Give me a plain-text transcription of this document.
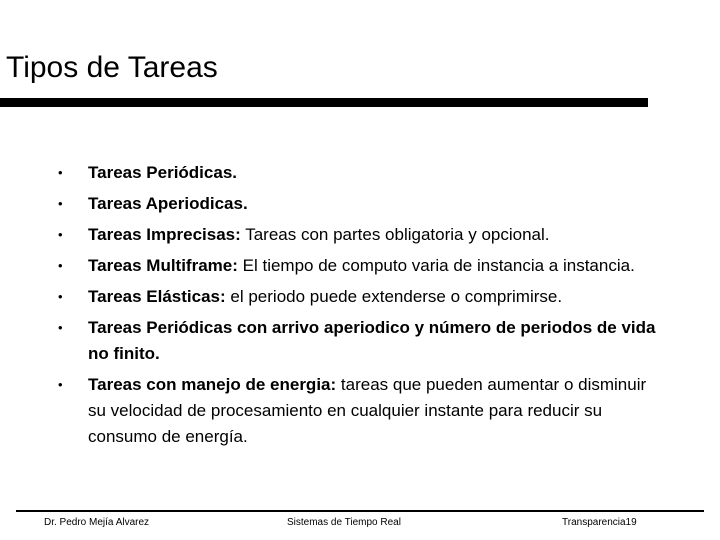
Tipos de Tareas
• Tareas Periódicas.
• Tareas Aperiodicas.
• Tareas Imprecisas: Tareas con partes obligatoria y opcional.
• Tareas Multiframe: El tiempo de computo varia de instancia a instancia.
• Tareas Elásticas: el periodo puede extenderse o comprimirse.
• Tareas Periódicas con arrivo aperiodico y número de periodos de vida no finito.
• Tareas con manejo de energia: tareas que pueden aumentar o disminuir su velocidad de procesamiento en cualquier instante para reducir su consumo de energía.
Dr. Pedro Mejía Alvarez	Sistemas de Tiempo Real	Transparencia19
